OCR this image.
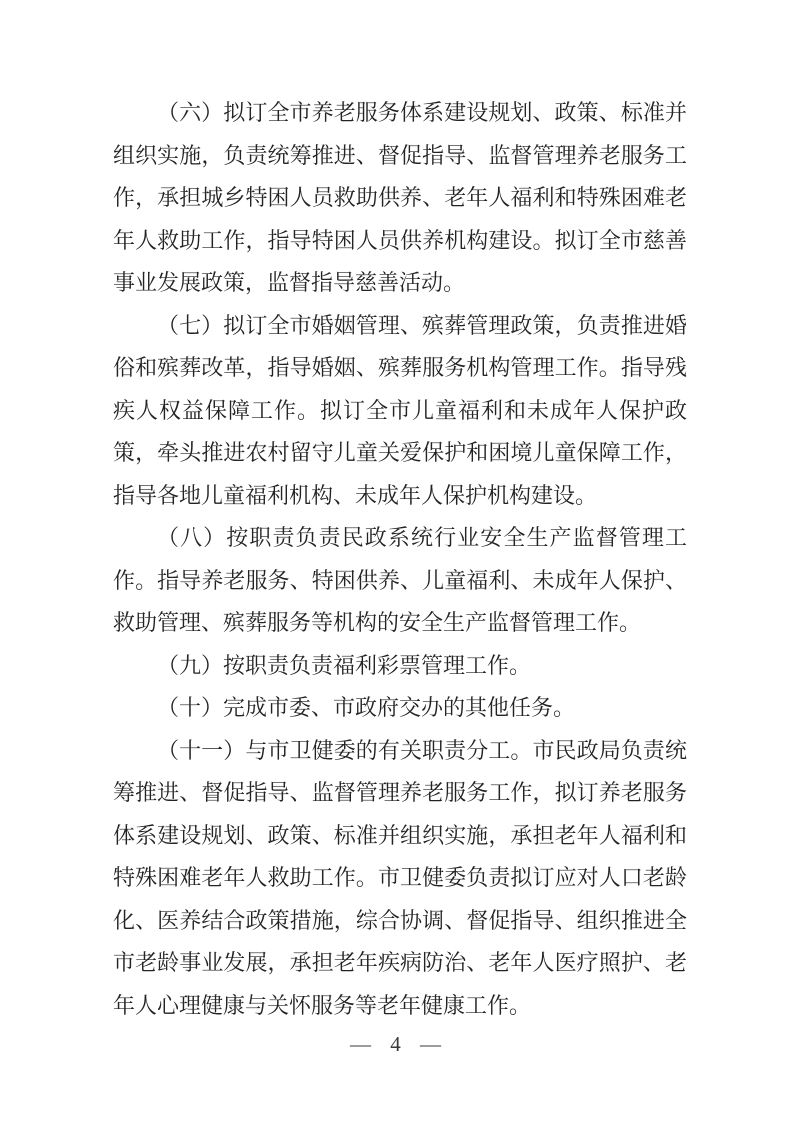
（六）拟订全市养老服务体系建设规划、政策、标准并组织实施，负责统筹推进、督促指导、监督管理养老服务工作，承担城乡特困人员救助供养、老年人福利和特殊困难老年人救助工作，指导特困人员供养机构建设。拟订全市慈善事业发展政策，监督指导慈善活动。

（七）拟订全市婚姻管理、殡葬管理政策，负责推进婚俗和殡葬改革，指导婚姻、殡葬服务机构管理工作。指导残疾人权益保障工作。拟订全市儿童福利和未成年人保护政策，牵头推进农村留守儿童关爱保护和困境儿童保障工作，指导各地儿童福利机构、未成年人保护机构建设。

（八）按职责负责民政系统行业安全生产监督管理工作。指导养老服务、特困供养、儿童福利、未成年人保护、救助管理、殡葬服务等机构的安全生产监督管理工作。

（九）按职责负责福利彩票管理工作。

（十）完成市委、市政府交办的其他任务。

（十一）与市卫健委的有关职责分工。市民政局负责统筹推进、督促指导、监督管理养老服务工作，拟订养老服务体系建设规划、政策、标准并组织实施，承担老年人福利和特殊困难老年人救助工作。市卫健委负责拟订应对人口老龄化、医养结合政策措施，综合协调、督促指导、组织推进全市老龄事业发展，承担老年疾病防治、老年人医疗照护、老年人心理健康与关怀服务等老年健康工作。

— 4 —
